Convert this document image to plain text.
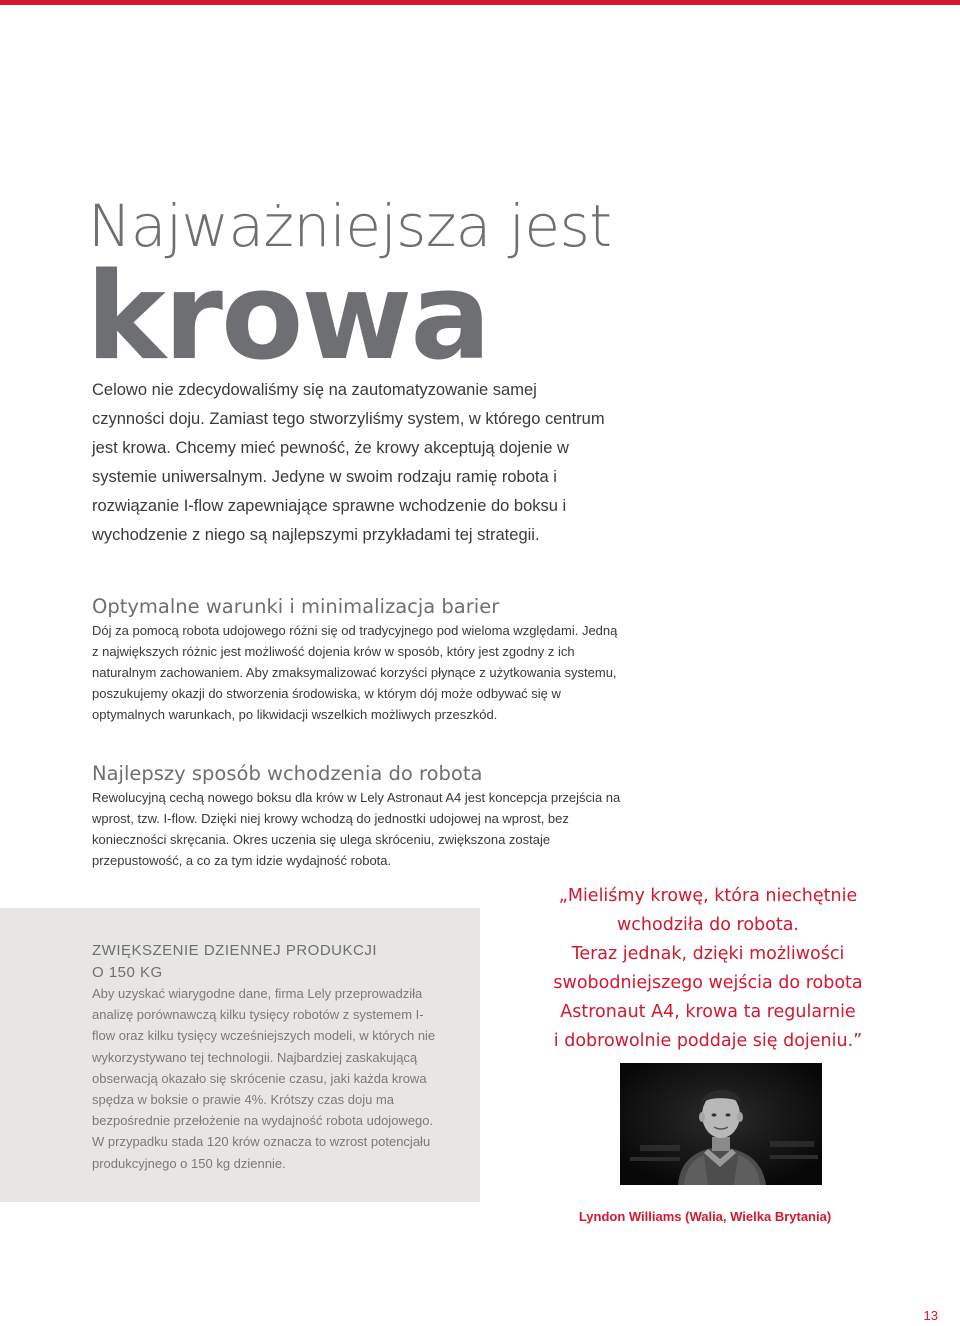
Najważniejsza jest
krowa

Celowo nie zdecydowaliśmy się na zautomatyzowanie samej czynności doju. Zamiast tego stworzyliśmy system, w którego centrum jest krowa. Chcemy mieć pewność, że krowy akceptują dojenie w systemie uniwersalnym. Jedyne w swoim rodzaju ramię robota i rozwiązanie I-flow zapewniające sprawne wchodzenie do boksu i wychodzenie z niego są najlepszymi przykładami tej strategii.

Optymalne warunki i minimalizacja barier

Dój za pomocą robota udojowego różni się od tradycyjnego pod wieloma względami. Jedną z największych różnic jest możliwość dojenia krów w sposób, który jest zgodny z ich naturalnym zachowaniem. Aby zmaksymalizować korzyści płynące z użytkowania systemu, poszukujemy okazji do stworzenia środowiska, w którym dój może odbywać się w optymalnych warunkach, po likwidacji wszelkich możliwych przeszkód.

Najlepszy sposób wchodzenia do robota

Rewolucyjną cechą nowego boksu dla krów w Lely Astronaut A4 jest koncepcja przejścia na wprost, tzw. I-flow. Dzięki niej krowy wchodzą do jednostki udojowej na wprost, bez konieczności skręcania. Okres uczenia się ulega skróceniu, zwiększona zostaje przepustowość, a co za tym idzie wydajność robota.

ZWIĘKSZENIE DZIENNEJ PRODUKCJI
O 150 KG

Aby uzyskać wiarygodne dane, firma Lely przeprowadziła analizę porównawczą kilku tysięcy robotów z systemem I-flow oraz kilku tysięcy wcześniejszych modeli, w których nie wykorzystywano tej technologii. Najbardziej zaskakującą obserwacją okazało się skrócenie czasu, jaki każda krowa spędza w boksie o prawie 4%. Krótszy czas doju ma bezpośrednie przełożenie na wydajność robota udojowego. W przypadku stada 120 krów oznacza to wzrost potencjału produkcyjnego o 150 kg dziennie.

„Mieliśmy krowę, która niechętnie
wchodziła do robota.
Teraz jednak, dzięki możliwości
swobodniejszego wejścia do robota
Astronaut A4, krowa ta regularnie
i dobrowolnie poddaje się dojeniu.”

Lyndon Williams (Walia, Wielka Brytania)

13
